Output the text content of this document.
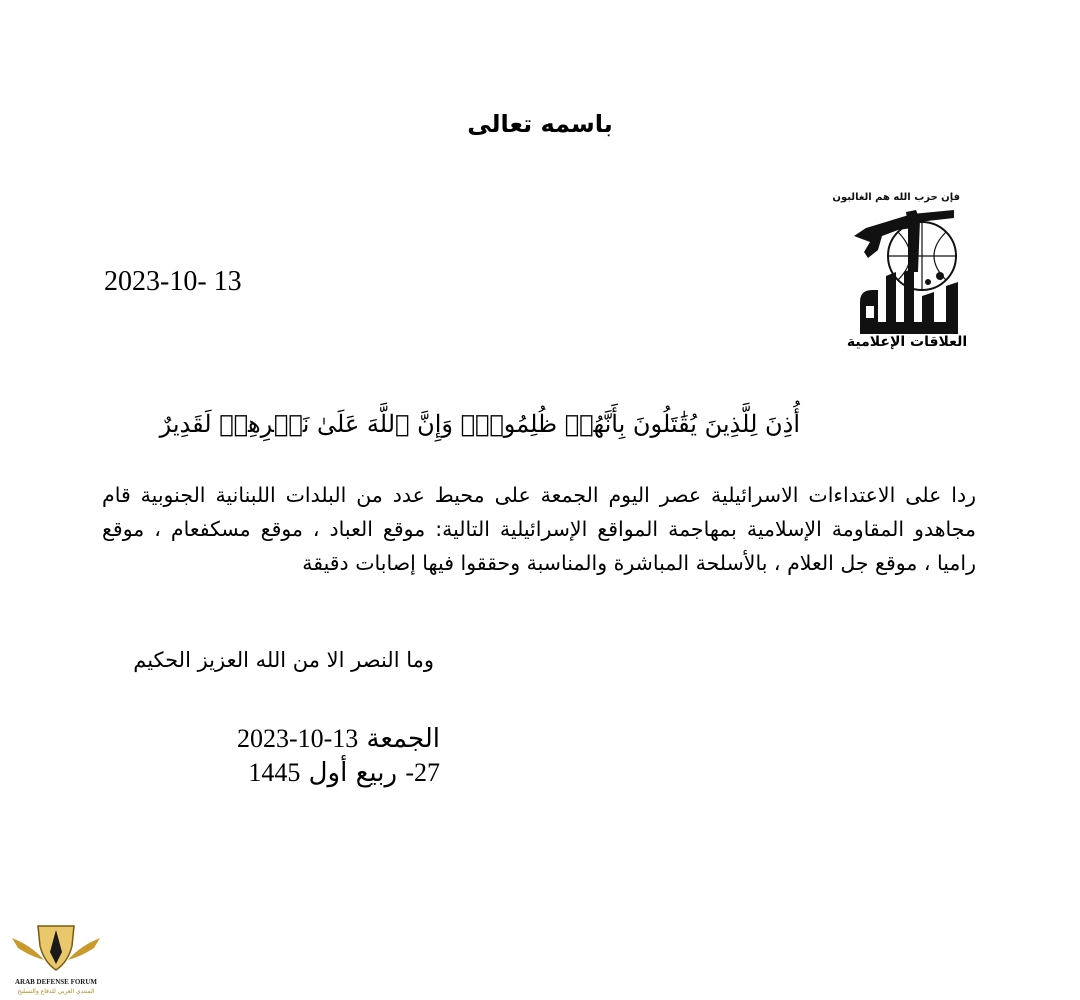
باسمه تعالى
2023-10- 13
فإن حزب الله هم الغالبون
العلاقات الإعلامية
أُذِنَ لِلَّذِينَ يُقَٰتَلُونَ بِأَنَّهُمۡ ظُلِمُواْۚ وَإِنَّ ٱللَّهَ عَلَىٰ نَصۡرِهِمۡ لَقَدِيرٌ
ردا على الاعتداءات الاسرائيلية عصر اليوم الجمعة على محيط عدد من البلدات اللبنانية الجنوبية قام مجاهدو المقاومة الإسلامية بمهاجمة المواقع الإسرائيلية التالية: موقع العباد ، موقع مسكفعام ، موقع راميا ، موقع جل العلام ، بالأسلحة المباشرة والمناسبة وحققوا فيها إصابات دقيقة
وما النصر الا من الله العزيز الحكيم
الجمعة 13-10-2023
27- ربيع أول 1445
ARAB DEFENSE FORUM
المنتدى العربي للدفاع والتسليح
